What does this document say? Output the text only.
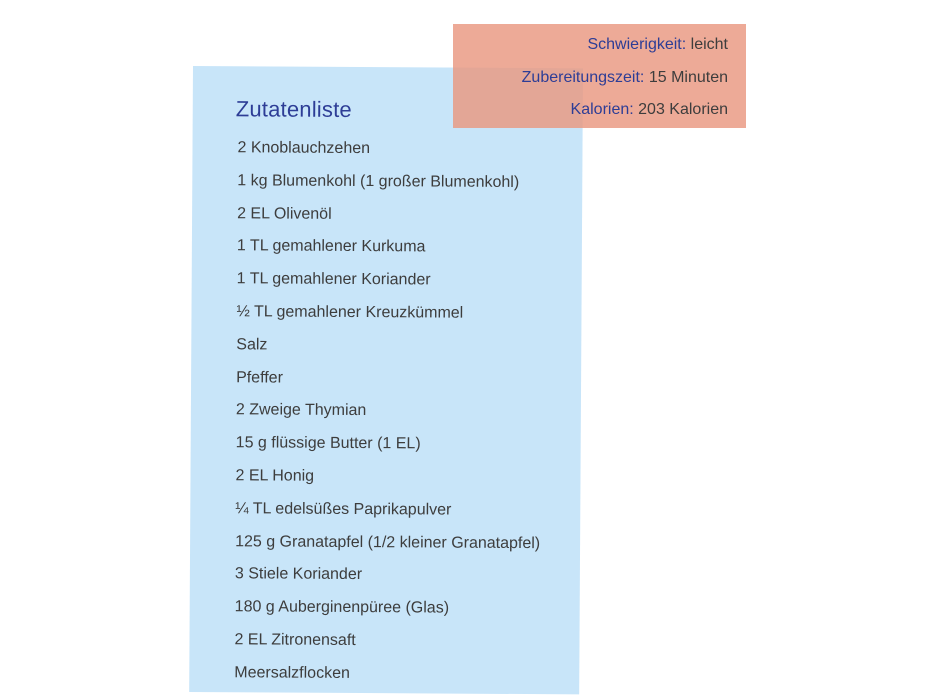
Zutatenliste
2 Knoblauchzehen
1 kg Blumenkohl (1 großer Blumenkohl)
2 EL Olivenöl
1 TL gemahlener Kurkuma
1 TL gemahlener Koriander
½ TL gemahlener Kreuzkümmel
Salz
Pfeffer
2 Zweige Thymian
15 g flüssige Butter (1 EL)
2 EL Honig
¼ TL edelsüßes Paprikapulver
125 g Granatapfel (1/2 kleiner Granatapfel)
3 Stiele Koriander
180 g Auberginenpüree (Glas)
2 EL Zitronensaft
Meersalzflocken
Schwierigkeit: leicht
Zubereitungszeit: 15 Minuten
Kalorien: 203 Kalorien
